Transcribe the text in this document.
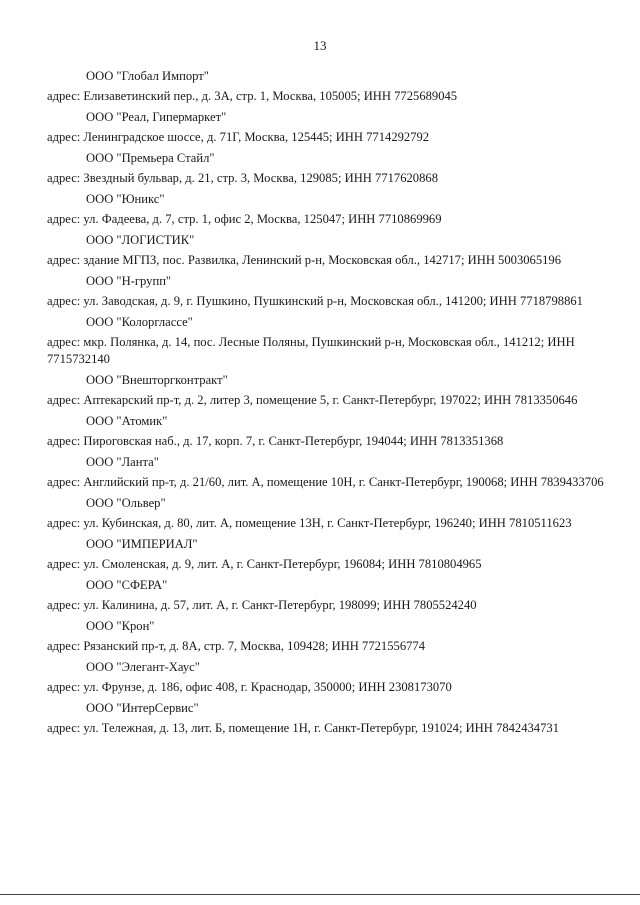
13
ООО "Глобал Импорт"
адрес: Елизаветинский пер., д. 3А, стр. 1, Москва, 105005; ИНН 7725689045
ООО "Реал, Гипермаркет"
адрес: Ленинградское шоссе, д. 71Г, Москва, 125445; ИНН 7714292792
ООО "Премьера Стайл"
адрес: Звездный бульвар, д. 21, стр. 3, Москва, 129085; ИНН 7717620868
ООО "Юникс"
адрес: ул. Фадеева, д. 7, стр. 1, офис 2, Москва, 125047; ИНН 7710869969
ООО "ЛОГИСТИК"
адрес: здание МГПЗ, пос. Развилка, Ленинский р-н, Московская обл., 142717; ИНН 5003065196
ООО "Н-групп"
адрес: ул. Заводская, д. 9, г. Пушкино, Пушкинский р-н, Московская обл., 141200; ИНН 7718798861
ООО "Колорглассе"
адрес: мкр. Полянка, д. 14, пос. Лесные Поляны, Пушкинский р-н, Московская обл., 141212; ИНН 7715732140
ООО "Внешторгконтракт"
адрес: Аптекарский пр-т, д. 2, литер 3, помещение 5, г. Санкт-Петербург, 197022; ИНН 7813350646
ООО "Атомик"
адрес: Пироговская наб., д. 17, корп. 7, г. Санкт-Петербург, 194044; ИНН 7813351368
ООО "Ланта"
адрес: Английский пр-т, д. 21/60, лит. А, помещение 10Н, г. Санкт-Петербург, 190068; ИНН 7839433706
ООО "Ольвер"
адрес: ул. Кубинская, д. 80, лит. А, помещение 13Н, г. Санкт-Петербург, 196240; ИНН 7810511623
ООО "ИМПЕРИАЛ"
адрес: ул. Смоленская, д. 9, лит. А, г. Санкт-Петербург, 196084; ИНН 7810804965
ООО "СФЕРА"
адрес: ул. Калинина, д. 57, лит. А, г. Санкт-Петербург, 198099; ИНН 7805524240
ООО "Крон"
адрес: Рязанский пр-т, д. 8А, стр. 7, Москва, 109428; ИНН 7721556774
ООО "Элегант-Хаус"
адрес: ул. Фрунзе, д. 186, офис 408, г. Краснодар, 350000; ИНН 2308173070
ООО "ИнтерСервис"
адрес: ул. Тележная, д. 13, лит. Б, помещение 1Н, г. Санкт-Петербург, 191024; ИНН 7842434731
